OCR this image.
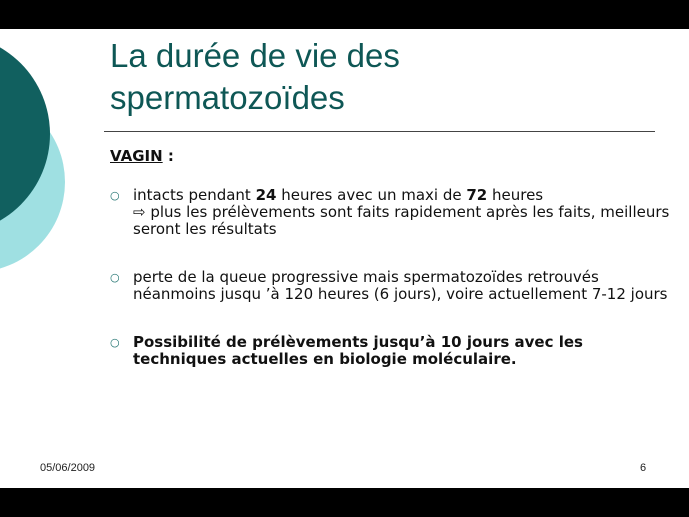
La durée de vie des
spermatozoïdes
VAGIN :
○ intacts pendant 24 heures avec un maxi de 72 heures
⇨ plus les prélèvements sont faits rapidement après les faits, meilleurs seront les résultats
○ perte de la queue progressive mais spermatozoïdes retrouvés néanmoins jusqu ’à 120 heures (6 jours), voire actuellement 7-12 jours
○ Possibilité de prélèvements jusqu’à 10 jours avec les techniques actuelles en biologie moléculaire.
05/06/2009	6
